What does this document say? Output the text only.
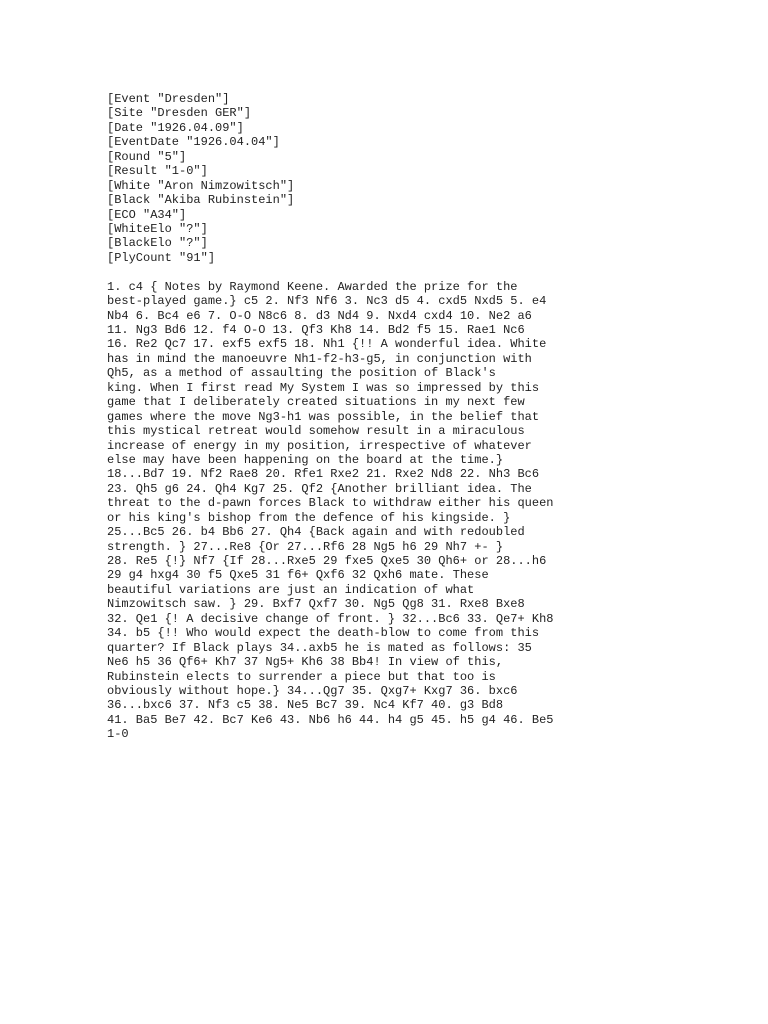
[Event "Dresden"]
[Site "Dresden GER"]
[Date "1926.04.09"]
[EventDate "1926.04.04"]
[Round "5"]
[Result "1-0"]
[White "Aron Nimzowitsch"]
[Black "Akiba Rubinstein"]
[ECO "A34"]
[WhiteElo "?"]
[BlackElo "?"]
[PlyCount "91"]
1. c4 { Notes by Raymond Keene. Awarded the prize for the
best-played game.} c5 2. Nf3 Nf6 3. Nc3 d5 4. cxd5 Nxd5 5. e4
Nb4 6. Bc4 e6 7. O-O N8c6 8. d3 Nd4 9. Nxd4 cxd4 10. Ne2 a6
11. Ng3 Bd6 12. f4 O-O 13. Qf3 Kh8 14. Bd2 f5 15. Rae1 Nc6
16. Re2 Qc7 17. exf5 exf5 18. Nh1 {!! A wonderful idea. White
has in mind the manoeuvre Nh1-f2-h3-g5, in conjunction with
Qh5, as a method of assaulting the position of Black's
king. When I first read My System I was so impressed by this
game that I deliberately created situations in my next few
games where the move Ng3-h1 was possible, in the belief that
this mystical retreat would somehow result in a miraculous
increase of energy in my position, irrespective of whatever
else may have been happening on the board at the time.}
18...Bd7 19. Nf2 Rae8 20. Rfe1 Rxe2 21. Rxe2 Nd8 22. Nh3 Bc6
23. Qh5 g6 24. Qh4 Kg7 25. Qf2 {Another brilliant idea. The
threat to the d-pawn forces Black to withdraw either his queen
or his king's bishop from the defence of his kingside. }
25...Bc5 26. b4 Bb6 27. Qh4 {Back again and with redoubled
strength. } 27...Re8 {Or 27...Rf6 28 Ng5 h6 29 Nh7 +- }
28. Re5 {!} Nf7 {If 28...Rxe5 29 fxe5 Qxe5 30 Qh6+ or 28...h6
29 g4 hxg4 30 f5 Qxe5 31 f6+ Qxf6 32 Qxh6 mate. These
beautiful variations are just an indication of what
Nimzowitsch saw. } 29. Bxf7 Qxf7 30. Ng5 Qg8 31. Rxe8 Bxe8
32. Qe1 {! A decisive change of front. } 32...Bc6 33. Qe7+ Kh8
34. b5 {!! Who would expect the death-blow to come from this
quarter? If Black plays 34..axb5 he is mated as follows: 35
Ne6 h5 36 Qf6+ Kh7 37 Ng5+ Kh6 38 Bb4! In view of this,
Rubinstein elects to surrender a piece but that too is
obviously without hope.} 34...Qg7 35. Qxg7+ Kxg7 36. bxc6
36...bxc6 37. Nf3 c5 38. Ne5 Bc7 39. Nc4 Kf7 40. g3 Bd8
41. Ba5 Be7 42. Bc7 Ke6 43. Nb6 h6 44. h4 g5 45. h5 g4 46. Be5
1-0
